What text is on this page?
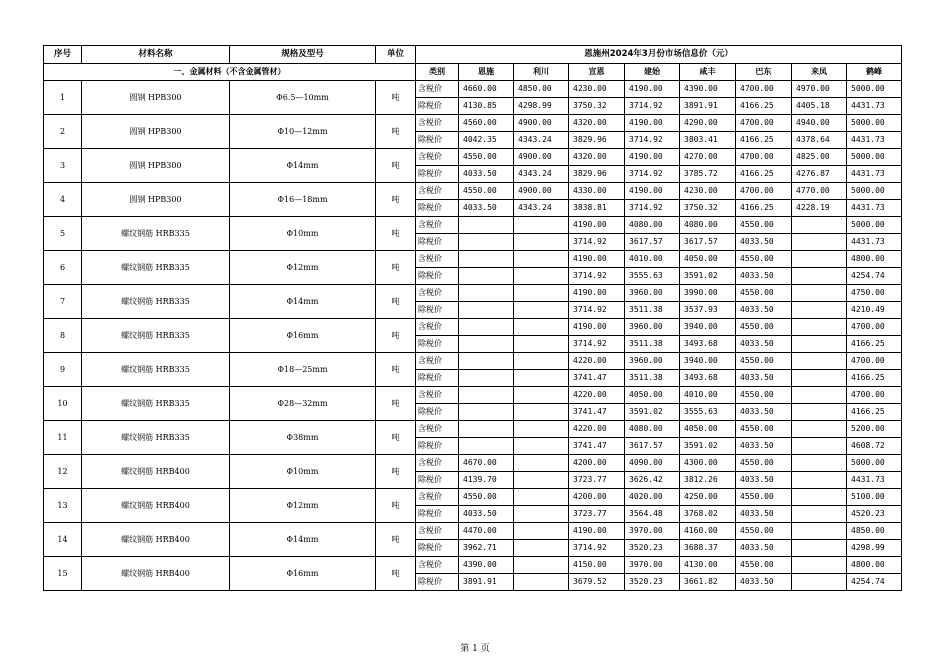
序号	材料名称	规格及型号	单位	恩施州2024年3月份市场信息价（元）								
一、金属材料（不含金属管材）				类别	恩施	利川	宣恩	建始	咸丰	巴东	来凤	鹤峰
1	圆钢 HPB300	Φ6.5—10mm	吨	含税价	4660.00	4850.00	4230.00	4190.00	4390.00	4700.00	4970.00	5000.00
				除税价	4130.85	4298.99	3750.32	3714.92	3891.91	4166.25	4405.18	4431.73
2	圆钢 HPB300	Φ10—12mm	吨	含税价	4560.00	4900.00	4320.00	4190.00	4290.00	4700.00	4940.00	5000.00
				除税价	4042.35	4343.24	3829.96	3714.92	3803.41	4166.25	4378.64	4431.73
3	圆钢 HPB300	Φ14mm	吨	含税价	4550.00	4900.00	4320.00	4190.00	4270.00	4700.00	4825.00	5000.00
				除税价	4033.50	4343.24	3829.96	3714.92	3785.72	4166.25	4276.87	4431.73
4	圆钢 HPB300	Φ16—18mm	吨	含税价	4550.00	4900.00	4330.00	4190.00	4230.00	4700.00	4770.00	5000.00
				除税价	4033.50	4343.24	3838.81	3714.92	3750.32	4166.25	4228.19	4431.73
5	螺纹钢筋 HRB335	Φ10mm	吨	含税价			4190.00	4080.00	4080.00	4550.00		5000.00
				除税价			3714.92	3617.57	3617.57	4033.50		4431.73
6	螺纹钢筋 HRB335	Φ12mm	吨	含税价			4190.00	4010.00	4050.00	4550.00		4800.00
				除税价			3714.92	3555.63	3591.02	4033.50		4254.74
7	螺纹钢筋 HRB335	Φ14mm	吨	含税价			4190.00	3960.00	3990.00	4550.00		4750.00
				除税价			3714.92	3511.38	3537.93	4033.50		4210.49
8	螺纹钢筋 HRB335	Φ16mm	吨	含税价			4190.00	3960.00	3940.00	4550.00		4700.00
				除税价			3714.92	3511.38	3493.68	4033.50		4166.25
9	螺纹钢筋 HRB335	Φ18—25mm	吨	含税价			4220.00	3960.00	3940.00	4550.00		4700.00
				除税价			3741.47	3511.38	3493.68	4033.50		4166.25
10	螺纹钢筋 HRB335	Φ28—32mm	吨	含税价			4220.00	4050.00	4010.00	4550.00		4700.00
				除税价			3741.47	3591.02	3555.63	4033.50		4166.25
11	螺纹钢筋 HRB335	Φ38mm	吨	含税价			4220.00	4080.00	4050.00	4550.00		5200.00
				除税价			3741.47	3617.57	3591.02	4033.50		4608.72
12	螺纹钢筋 HRB400	Φ10mm	吨	含税价	4670.00		4200.00	4090.00	4300.00	4550.00		5000.00
				除税价	4139.70		3723.77	3626.42	3812.26	4033.50		4431.73
13	螺纹钢筋 HRB400	Φ12mm	吨	含税价	4550.00		4200.00	4020.00	4250.00	4550.00		5100.00
				除税价	4033.50		3723.77	3564.48	3768.02	4033.50		4520.23
14	螺纹钢筋 HRB400	Φ14mm	吨	含税价	4470.00		4190.00	3970.00	4160.00	4550.00		4850.00
				除税价	3962.71		3714.92	3520.23	3688.37	4033.50		4298.99
15	螺纹钢筋 HRB400	Φ16mm	吨	含税价	4390.00		4150.00	3970.00	4130.00	4550.00		4800.00
				除税价	3891.91		3679.52	3520.23	3661.82	4033.50		4254.74
第 1 页
